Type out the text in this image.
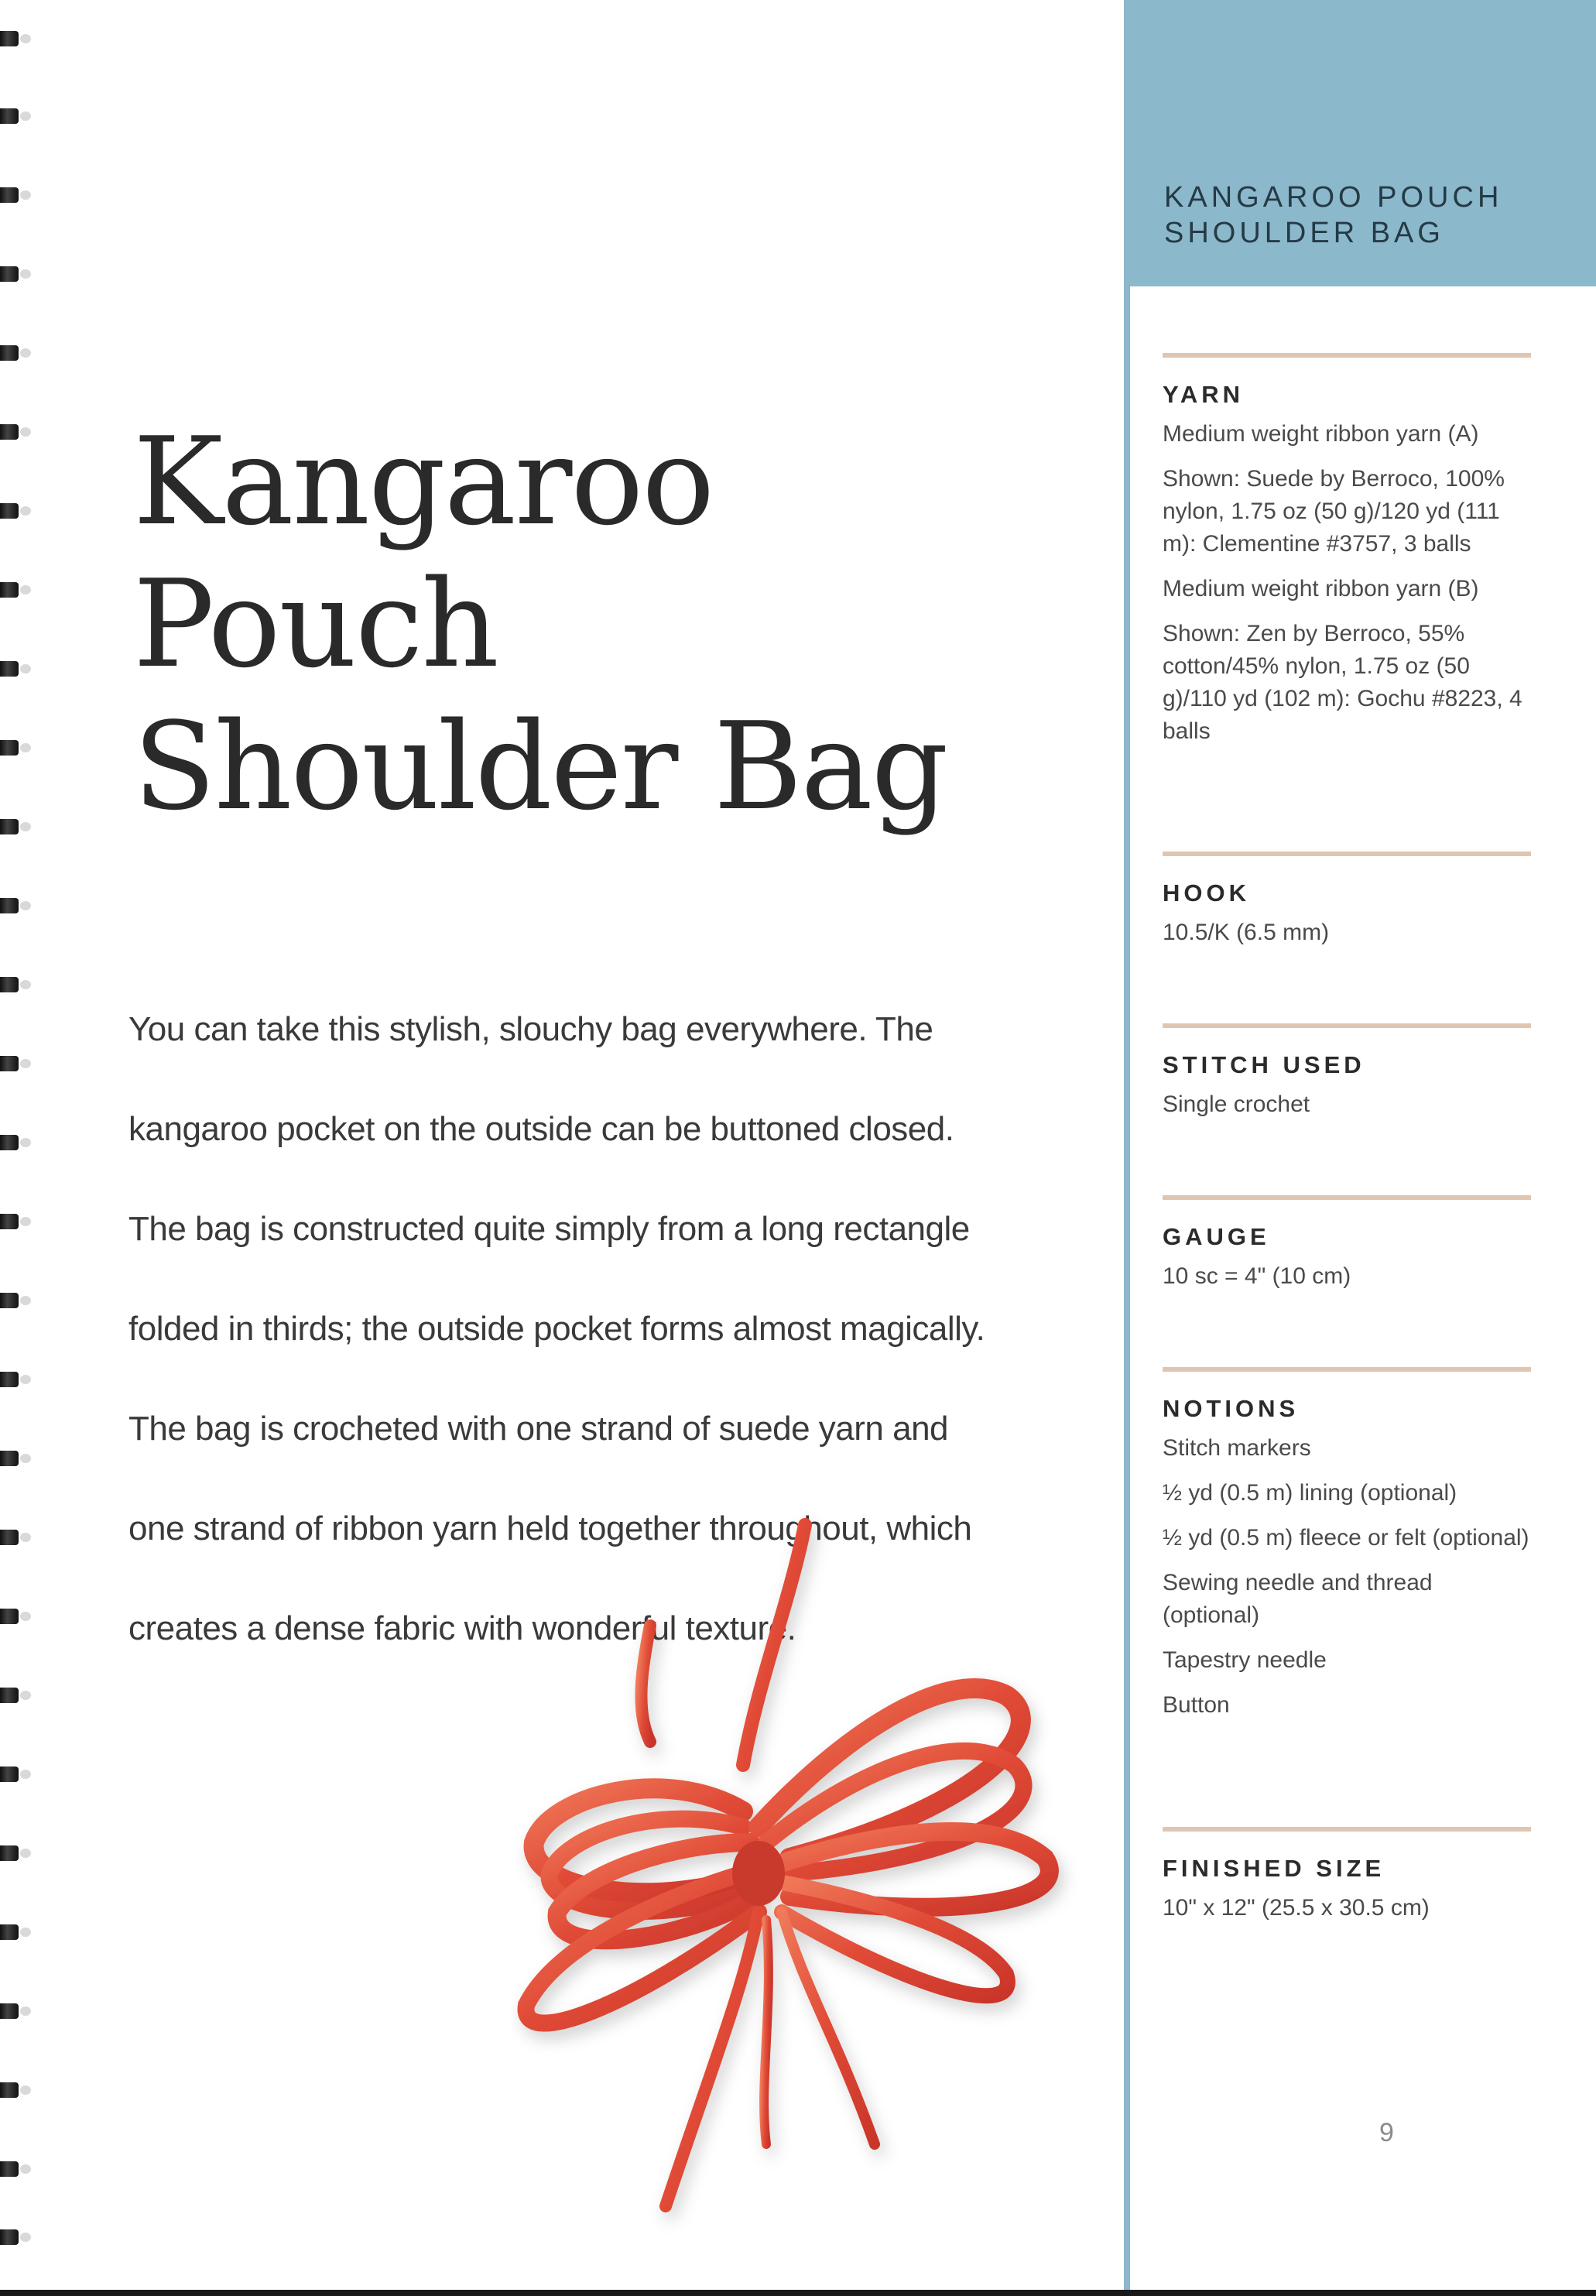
Kangaroo
Pouch
Shoulder Bag

You can take this stylish, slouchy bag everywhere. The kangaroo pocket on the outside can be buttoned closed. The bag is constructed quite simply from a long rectangle folded in thirds; the outside pocket forms almost magically. The bag is crocheted with one strand of suede yarn and one strand of ribbon yarn held together throughout, which creates a dense fabric with wonderful texture.

KANGAROO POUCH
SHOULDER BAG
YARN

Medium weight ribbon yarn (A)

Shown: Suede by Berroco, 100% nylon, 1.75 oz (50 g)/120 yd (111 m): Clementine #3757, 3 balls

Medium weight ribbon yarn (B)

Shown: Zen by Berroco, 55% cotton/45% nylon, 1.75 oz (50 g)/110 yd (102 m): Gochu #8223, 4 balls

HOOK

10.5/K (6.5 mm)

STITCH USED

Single crochet

GAUGE

10 sc = 4" (10 cm)

NOTIONS

Stitch markers

½ yd (0.5 m) lining (optional)

½ yd (0.5 m) fleece or felt (optional)

Sewing needle and thread (optional)

Tapestry needle

Button

FINISHED SIZE

10" x 12" (25.5 x 30.5 cm)

9
